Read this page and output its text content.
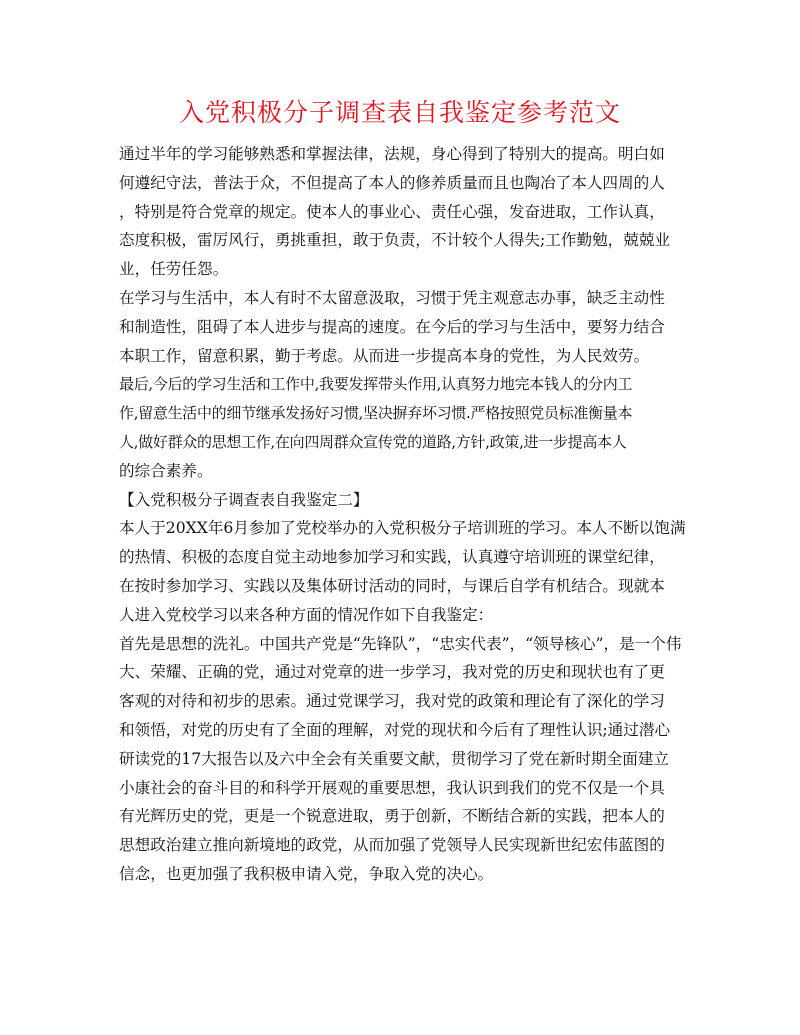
入党积极分子调查表自我鉴定参考范文
通过半年的学习能够熟悉和掌握法律，法规，身心得到了特别大的提高。明白如
何遵纪守法，普法于众，不但提高了本人的修养质量而且也陶冶了本人四周的人
，特别是符合党章的规定。使本人的事业心、责任心强，发奋进取，工作认真，
态度积极，雷厉风行，勇挑重担，敢于负责，不计较个人得失;工作勤勉，兢兢业
业，任劳任怨。
在学习与生活中，本人有时不太留意汲取，习惯于凭主观意志办事，缺乏主动性
和制造性，阻碍了本人进步与提高的速度。在今后的学习与生活中，要努力结合
本职工作，留意积累，勤于考虑。从而进一步提高本身的党性，为人民效劳。
最后,今后的学习生活和工作中,我要发挥带头作用,认真努力地完本钱人的分内工
作,留意生活中的细节继承发扬好习惯,坚决摒弃坏习惯.严格按照党员标准衡量本
人,做好群众的思想工作,在向四周群众宣传党的道路,方针,政策,进一步提高本人
的综合素养。
【入党积极分子调查表自我鉴定二】
本人于20XX年6月参加了党校举办的入党积极分子培训班的学习。本人不断以饱满
的热情、积极的态度自觉主动地参加学习和实践，认真遵守培训班的课堂纪律，
在按时参加学习、实践以及集体研讨活动的同时，与课后自学有机结合。现就本
人进入党校学习以来各种方面的情况作如下自我鉴定：
首先是思想的洗礼。中国共产党是“先锋队”，“忠实代表”，“领导核心”，是一个伟
大、荣耀、正确的党，通过对党章的进一步学习，我对党的历史和现状也有了更
客观的对待和初步的思索。通过党课学习，我对党的政策和理论有了深化的学习
和领悟，对党的历史有了全面的理解，对党的现状和今后有了理性认识;通过潜心
研读党的17大报告以及六中全会有关重要文献，贯彻学习了党在新时期全面建立
小康社会的奋斗目的和科学开展观的重要思想，我认识到我们的党不仅是一个具
有光辉历史的党，更是一个锐意进取，勇于创新，不断结合新的实践，把本人的
思想政治建立推向新境地的政党，从而加强了党领导人民实现新世纪宏伟蓝图的
信念，也更加强了我积极申请入党，争取入党的决心。
